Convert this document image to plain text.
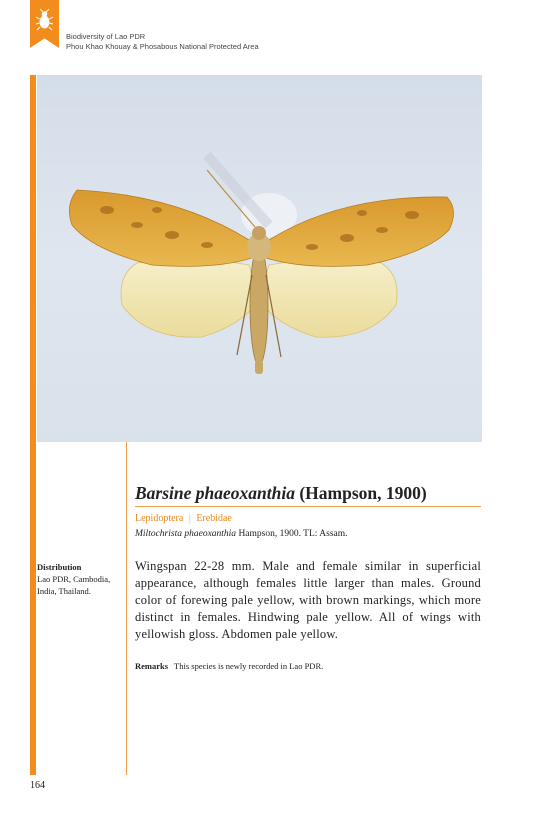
Biodiversity of Lao PDR
Phou Khao Khouay & Phosabous National Protected Area
Barsine phaeoxanthia (Hampson, 1900)
Lepidoptera | Erebidae
Miltochrista phaeoxanthia Hampson, 1900. TL: Assam.
Distribution
Lao PDR, Cambodia, India, Thailand.
Wingspan 22-28 mm. Male and female similar in superficial appearance, although females little larger than males. Ground color of forewing pale yellow, with brown markings, which more distinct in females. Hindwing pale yellow. All of wings with yellowish gloss. Abdomen pale yellow.
Remarks This species is newly recorded in Lao PDR.
164
